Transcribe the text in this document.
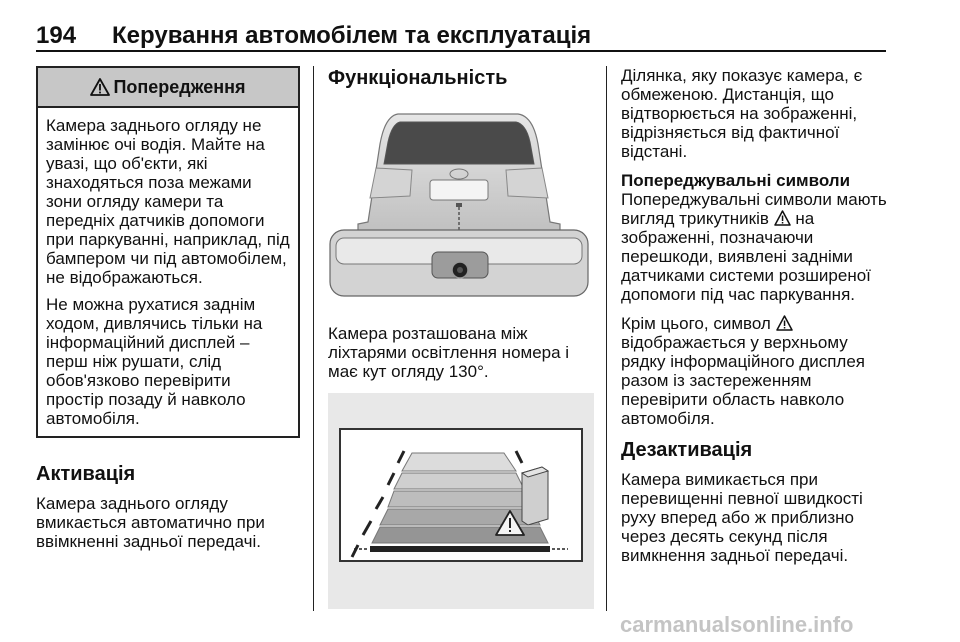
194 Керування автомобілем та експлуатація
Попередження

Камера заднього огляду не замінює очі водія. Майте на увазі, що об'єкти, які знаходяться поза межами зони огляду камери та передніх датчиків допомоги при паркуванні, наприклад, під бампером чи під автомобілем, не відображаються.

Не можна рухатися заднім ходом, дивлячись тільки на інформаційний дисплей – перш ніж рушати, слід обов'язково перевірити простір позаду й навколо автомобіля.

Активація

Камера заднього огляду вмикається автоматично при ввімкненні задньої передачі.

Функціональність

Камера розташована між ліхтарями освітлення номера і має кут огляду 130°.

Ділянка, яку показує камера, є обмеженою. Дистанція, що відтворюється на зображенні, відрізняється від фактичної відстані.

Попереджувальні символи

Попереджувальні символи мають вигляд трикутників  на зображенні, позначаючи перешкоди, виявлені задніми датчиками системи розширеної допомоги під час паркування.

Крім цього, символ  відображається у верхньому рядку інформаційного дисплея разом із застереженням перевірити область навколо автомобіля.

Дезактивація

Камера вимикається при перевищенні певної швидкості руху вперед або ж приблизно через десять секунд після вимкнення задньої передачі.

carmanualsonline.info
